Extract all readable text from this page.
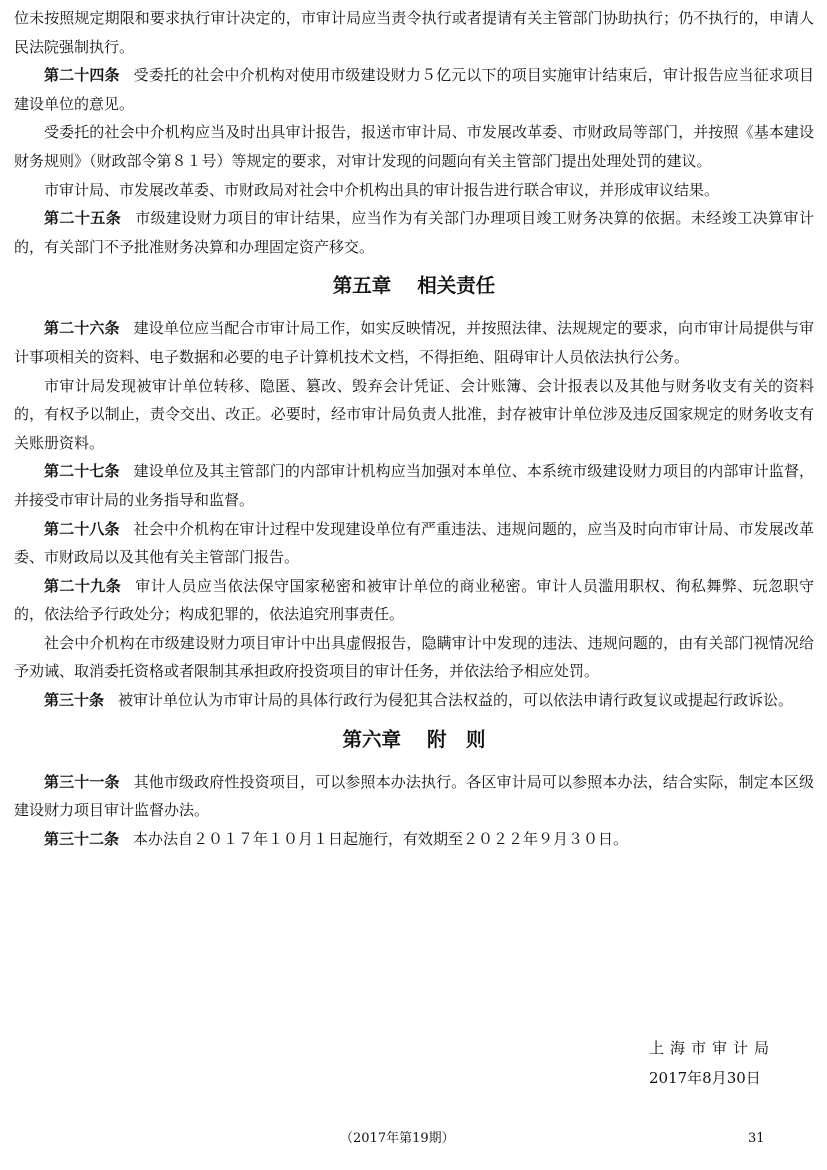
位未按照规定期限和要求执行审计决定的，市审计局应当责令执行或者提请有关主管部门协助执行；仍不执行的，申请人民法院强制执行。

第二十四条 受委托的社会中介机构对使用市级建设财力５亿元以下的项目实施审计结束后，审计报告应当征求项目建设单位的意见。

受委托的社会中介机构应当及时出具审计报告，报送市审计局、市发展改革委、市财政局等部门，并按照《基本建设财务规则》（财政部令第８１号）等规定的要求，对审计发现的问题向有关主管部门提出处理处罚的建议。

市审计局、市发展改革委、市财政局对社会中介机构出具的审计报告进行联合审议，并形成审议结果。

第二十五条 市级建设财力项目的审计结果，应当作为有关部门办理项目竣工财务决算的依据。未经竣工决算审计的，有关部门不予批准财务决算和办理固定资产移交。

第五章 相关责任

第二十六条 建设单位应当配合市审计局工作，如实反映情况，并按照法律、法规规定的要求，向市审计局提供与审计事项相关的资料、电子数据和必要的电子计算机技术文档，不得拒绝、阻碍审计人员依法执行公务。

市审计局发现被审计单位转移、隐匿、篡改、毁弃会计凭证、会计账簿、会计报表以及其他与财务收支有关的资料的，有权予以制止，责令交出、改正。必要时，经市审计局负责人批准，封存被审计单位涉及违反国家规定的财务收支有关账册资料。

第二十七条 建设单位及其主管部门的内部审计机构应当加强对本单位、本系统市级建设财力项目的内部审计监督，并接受市审计局的业务指导和监督。

第二十八条 社会中介机构在审计过程中发现建设单位有严重违法、违规问题的，应当及时向市审计局、市发展改革委、市财政局以及其他有关主管部门报告。

第二十九条 审计人员应当依法保守国家秘密和被审计单位的商业秘密。审计人员滥用职权、徇私舞弊、玩忽职守的，依法给予行政处分；构成犯罪的，依法追究刑事责任。

社会中介机构在市级建设财力项目审计中出具虚假报告，隐瞒审计中发现的违法、违规问题的，由有关部门视情况给予劝诫、取消委托资格或者限制其承担政府投资项目的审计任务，并依法给予相应处罚。

第三十条 被审计单位认为市审计局的具体行政行为侵犯其合法权益的，可以依法申请行政复议或提起行政诉讼。

第六章 附　则

第三十一条 其他市级政府性投资项目，可以参照本办法执行。各区审计局可以参照本办法，结合实际，制定本区级建设财力项目审计监督办法。

第三十二条 本办法自２０１７年１０月１日起施行，有效期至２０２２年９月３０日。

上海市审计局
2017年8月30日
（2017年第19期）	31
